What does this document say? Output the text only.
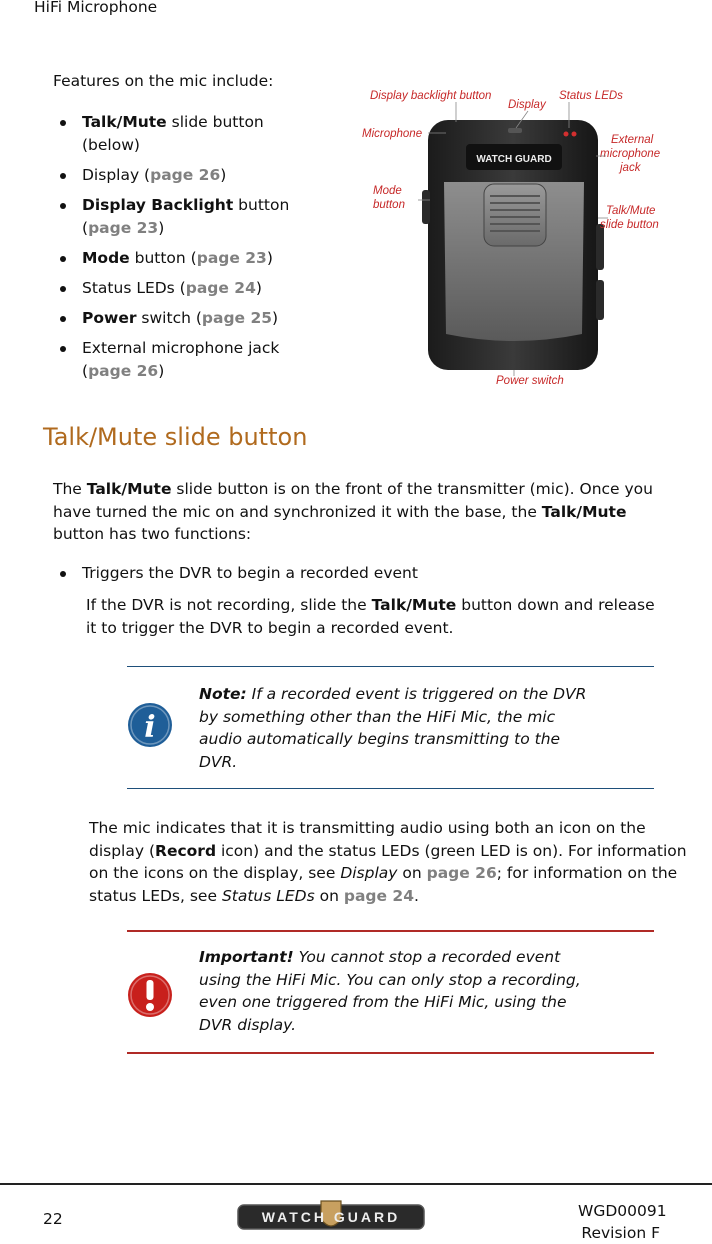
HiFi Microphone
Features on the mic include:
Talk/Mute slide button (below)
Display (page 26)
Display Backlight button (page 23)
Mode button (page 23)
Status LEDs (page 24)
Power switch (page 25)
External microphone jack (page 26)
WATCH GUARD
Display backlight button
Display
Status LEDs
Microphone	External microphone jack
Mode button	Talk/Mute slide button
Power switch
Talk/Mute slide button
The Talk/Mute slide button is on the front of the transmitter (mic). Once you have turned the mic on and synchronized it with the base, the Talk/Mute button has two functions:
Triggers the DVR to begin a recorded event
If the DVR is not recording, slide the Talk/Mute button down and release it to trigger the DVR to begin a recorded event.
i
Note: If a recorded event is triggered on the DVR by something other than the HiFi Mic, the mic audio automatically begins transmitting to the DVR.
The mic indicates that it is transmitting audio using both an icon on the display (Record icon) and the status LEDs (green LED is on). For information on the icons on the display, see Display on page 26; for information on the status LEDs, see Status LEDs on page 24.
Important! You cannot stop a recorded event using the HiFi Mic. You can only stop a recording, even one triggered from the HiFi Mic, using the DVR display.
22	WATCH GUARD	WGD00091
Revision F
